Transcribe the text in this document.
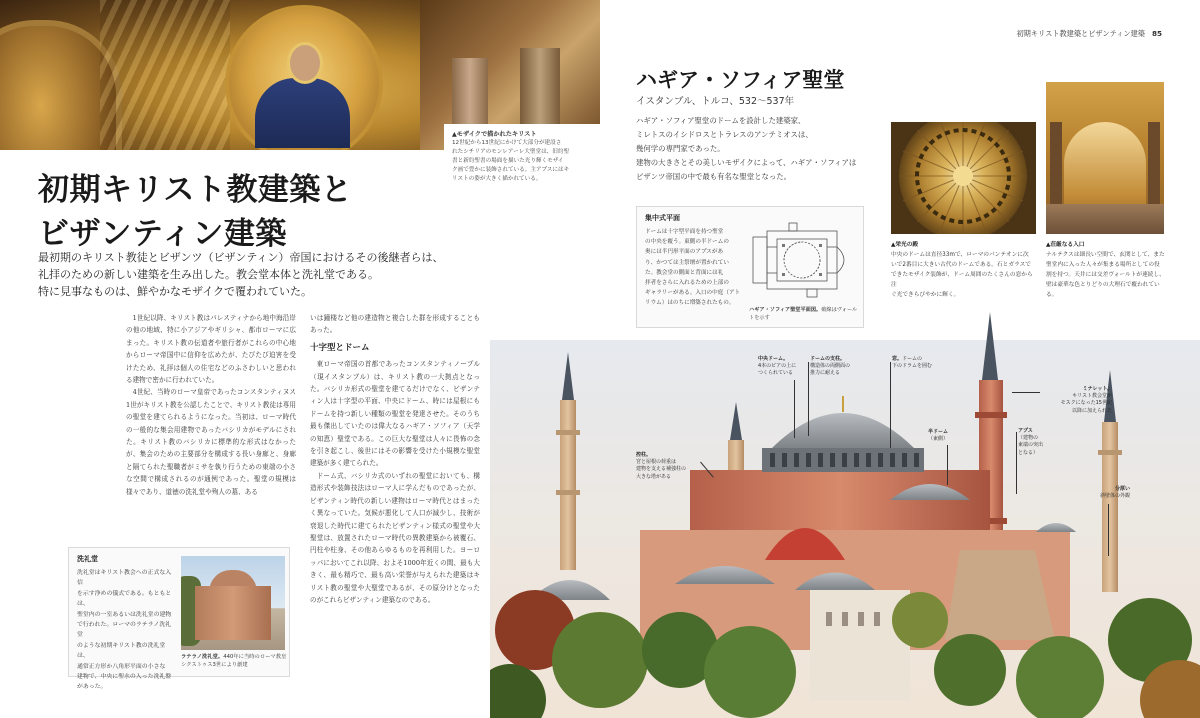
▲モザイクで描かれたキリスト
12世紀から13世紀にかけて大部分が建設さ
れたシチリアのモンレアーレ大聖堂は、旧約聖
書と新約聖書の場面を描いた光り輝くモザイ
ク画で豊かに装飾されている。主アプスにはキ
リストの姿が大きく描かれている。
初期キリスト教建築と
ビザンティン建築
最初期のキリスト教徒とビザンツ（ビザンティン）帝国におけるその後継者らは、
礼拝のための新しい建築を生み出した。教会堂本体と洗礼堂である。
特に見事なものは、鮮やかなモザイクで覆われていた。

1世紀以降、キリスト教はパレスティナから地中海沿岸の他の地域、特に小アジアやギリシャ、都市ローマに広まった。キリスト教の伝道者や旅行者がこれらの中心地からローマ帝国中に信仰を広めたが、たびたび迫害を受けたため、礼拝は個人の住宅などのふさわしいと思われる建物で密かに行われていた。

4世紀、当時のローマ皇帝であったコンスタンティヌス1世がキリスト教を公認したことで、キリスト教徒は専用の聖堂を建てられるようになった。当初は、ローマ時代の一般的な集会用建物であったバシリカがモデルにされた。キリスト教のバシリカに標準的な形式はなかったが、集会のための主要部分を構成する長い身廊と、身廊と隔てられた聖職者がミサを執り行うための東端の小さな空間で構成されるのが通例であった。聖堂の規模は様々であり、道徳の洗礼堂や殉人の墓、ある

いは鐘楼など他の建造物と複合した群を形成することもあった。

十字型とドーム

東ローマ帝国の首都であったコンスタンティノープル（現イスタンブル）は、キリスト教の一大拠点となった。バシリカ形式の聖堂を建てるだけでなく、ビザンティン人は十字型の平面、中央にドーム、時には屋根にもドームを持つ新しい種類の聖堂を発達させた。そのうち最も傑出していたのは偉大なるハギア・ソフィア（天学の知恵）聖堂である。この巨大な聖堂は人々に畏怖の念を引き起こし、後世にはその影響を受けた小規模な聖堂建築が多く建てられた。

ドーム式、バシリカ式のいずれの聖堂においても、構造形式や装飾技法はローマ人に学んだものであったが、ビザンティン時代の新しい建物はローマ時代とはまったく異なっていた。気候が悪化して人口が減少し、技術が衰退した時代に建てられたビザンティン様式の聖堂や大聖堂は、放置されたローマ時代の異教建築から被覆石、円柱や柱身、その他あらゆるものを再利用した。ヨーロッパにおいてこれ以降、およそ1000年近くの間、最も大きく、最も精巧で、最も高い栄誉が与えられた建築はキリスト教の聖堂や大聖堂であるが、その原分けとなったのがこれらビザンティン建築なのである。

洗礼堂
洗礼堂はキリスト教会への正式な入信
を示す浄めの儀式である。もともとは、
聖堂内の一室あるいは洗礼堂の建物
で行われた。ローマのラテラノ洗礼堂
のような初期キリスト教の洗礼堂は、
通常正方形か八角形平面の小さな
建物で、中央に聖水の入った洗礼盤
があった。
ラテラノ洗礼堂。440年に当時のローマ教皇シクストゥス3世により創建
初期キリスト教建築とビザンティン建築 85
ハギア・ソフィア聖堂
イスタンブル、トルコ、532〜537年
ハギア・ソフィア聖堂のドームを設計した建築家、
ミレトスのイシドロスとトラレスのアンテミオスは、
幾何学の専門家であった。
建物の大きさとその美しいモザイクによって、ハギア・ソフィアは
ビザンツ帝国の中で最も有名な聖堂となった。
集中式平面
ドームは十字型平面を持つ聖堂
の中央を覆う。東側の半ドームの
奥には半円形平面のアプスがあ
り、かつては主祭壇が置かれてい
た。教会堂の側面と背面には礼
拝者をさらに入れるための上部の
ギャラリーがある。入口の中庭（アト
リウム）はのちに増築されたもの。
ハギア・ソフィア聖堂平面図。破線はヴォールトを示す
▲栄光の殿
中央のドームは直径33mで、ローマのパンテオンに次
いで2番目に大きい古代のドームである。石とガラスで
できたモザイク装飾が、ドーム周囲のたくさんの窓から注
ぐ光できらびやかに輝く。
▲荘厳なる入口
ナルテクスは細長い空間で、玄関として、また
聖堂内に入った人々が集まる場所としての役
割を持つ。天井には交差ヴォールトが連続し、
壁は豪華な色とりどりの大理石で覆われてい
る。
控柱。
宮と屋根の荷重は
建物を支える補強柱の
大きな塔がある
中央ドーム。
4本のピアの上に
つくられている
ドームの支柱。
構造体の両側面の
推力に耐える
窓。ドームの
下のドラムを囲む
半ドーム
（東側）
ミナレット。
キリスト教会堂が
モスクになった15世紀
以降に加えられた
アプス
（建物の
東端の突出
となる）
分厚い
斜壁体の外観
